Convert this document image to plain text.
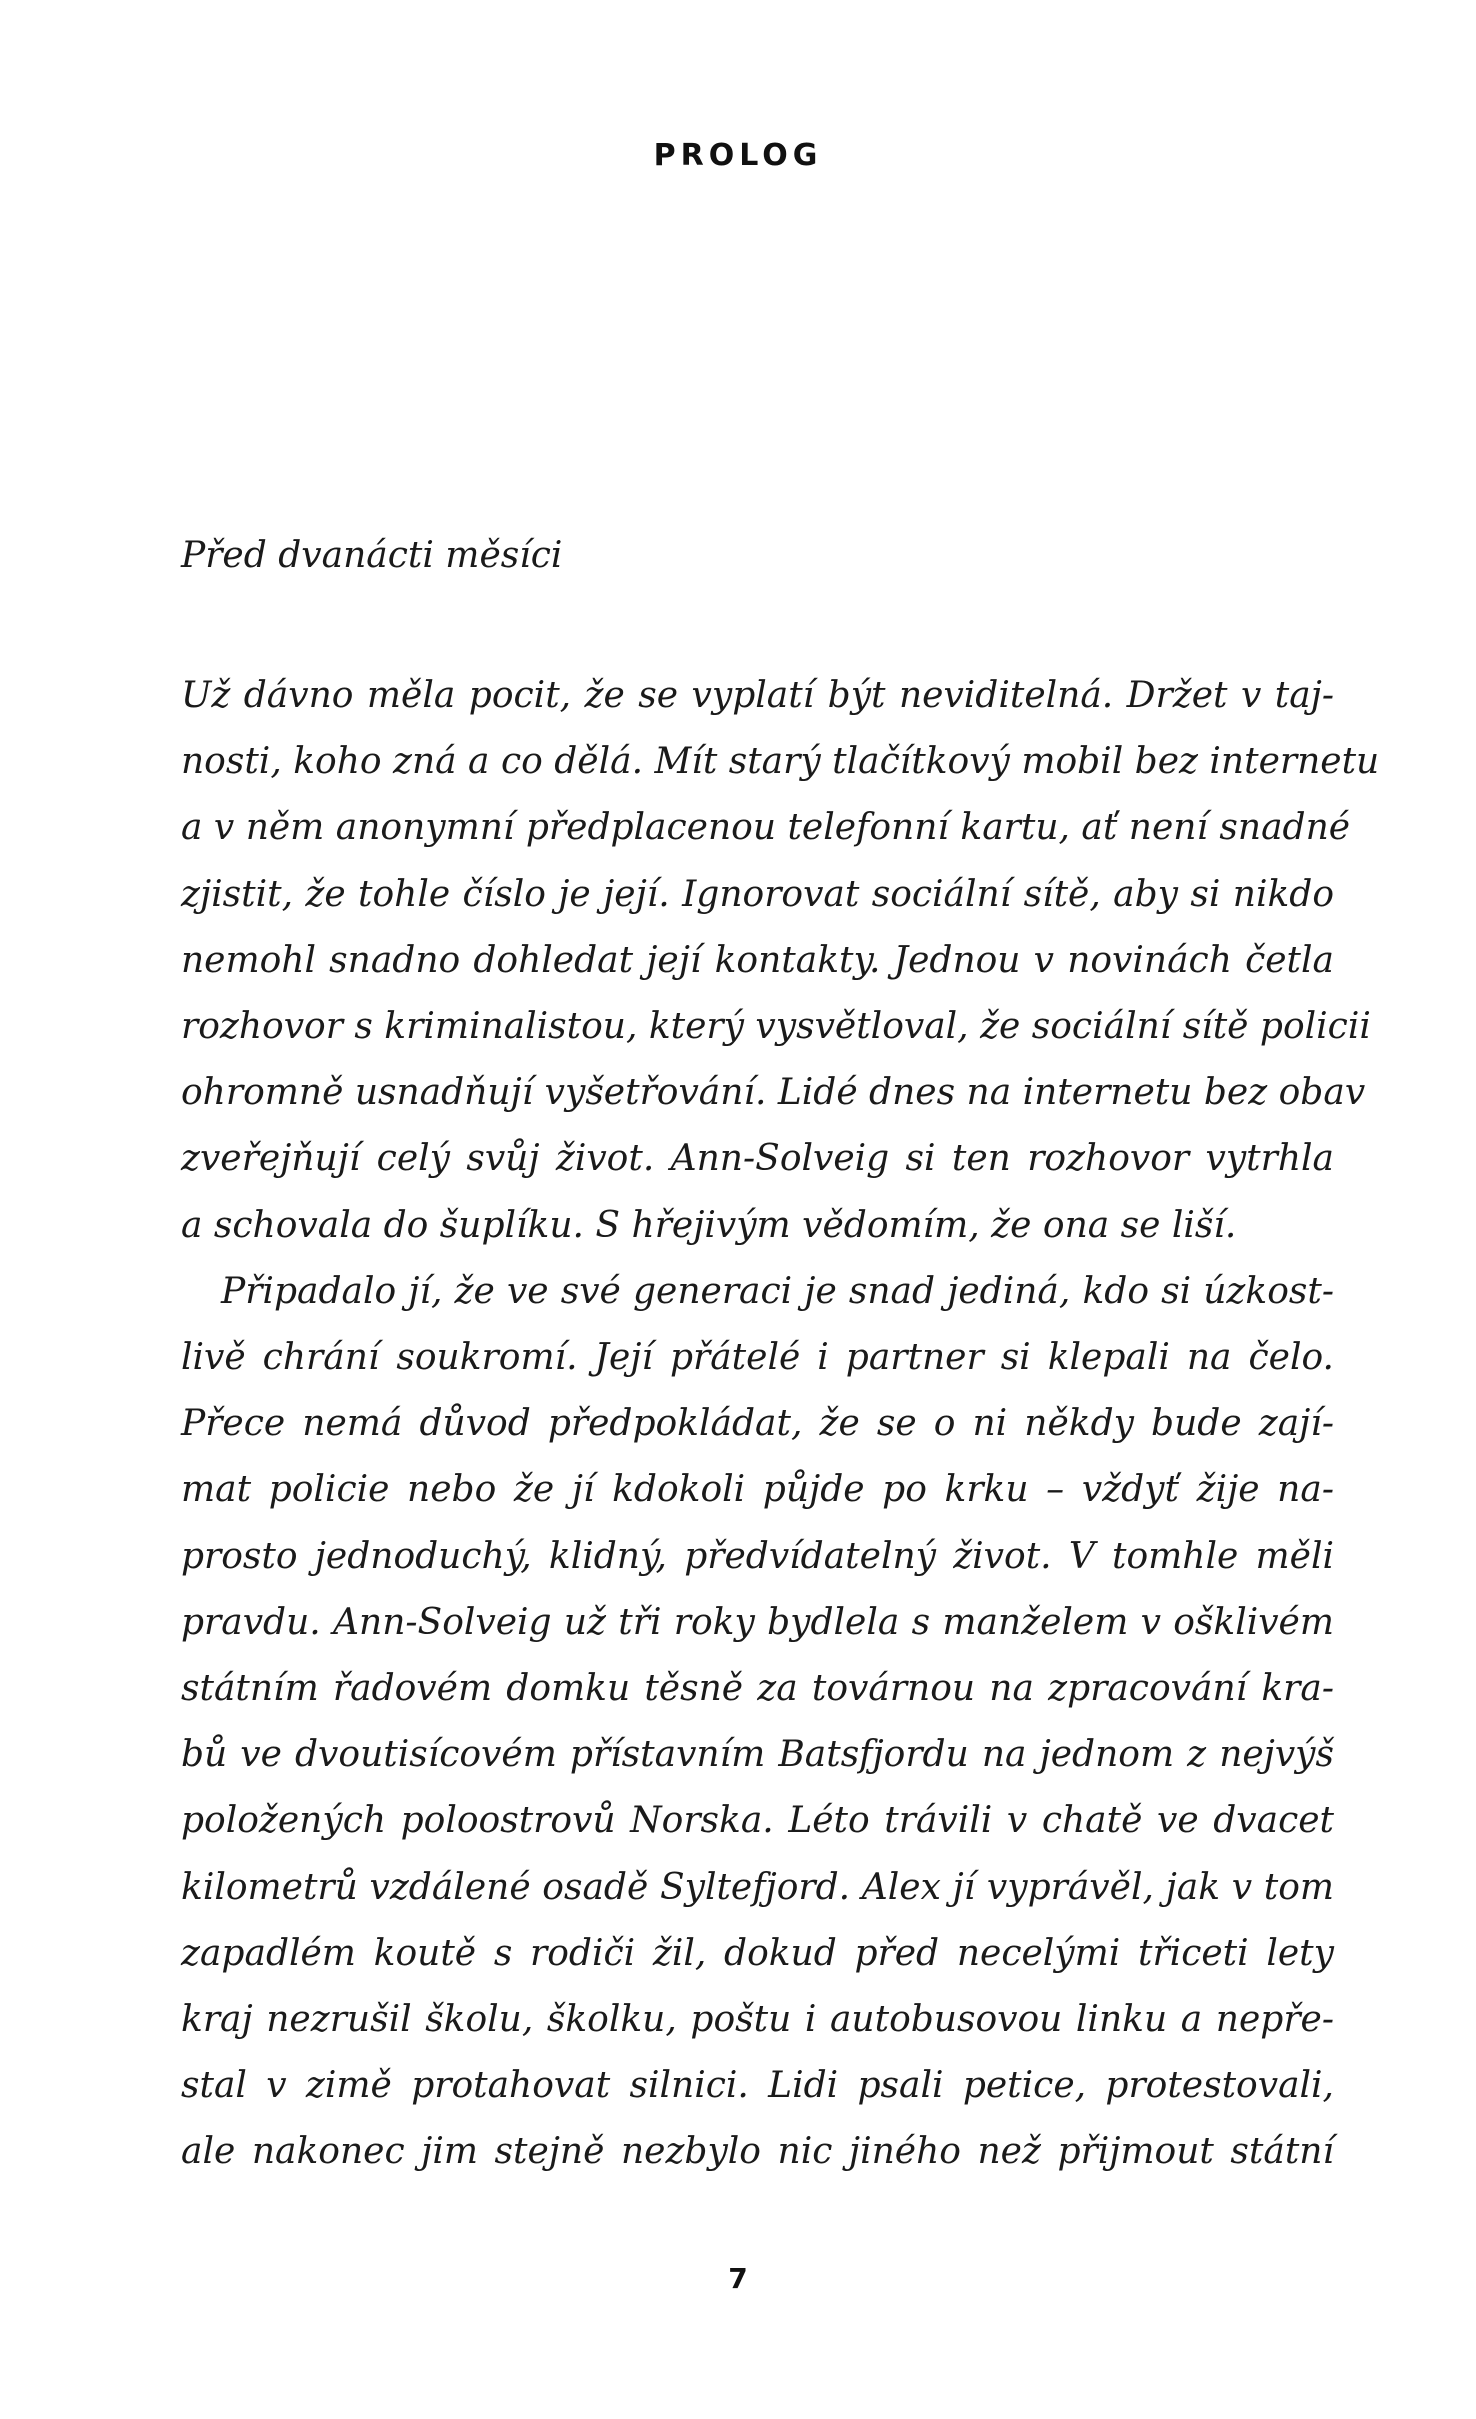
PROLOG
Před dvanácti měsíci
Už dávno měla pocit, že se vyplatí být neviditelná. Držet v taj-
nosti, koho zná a co dělá. Mít starý tlačítkový mobil bez internetu
a v něm anonymní předplacenou telefonní kartu, ať není snadné
zjistit, že tohle číslo je její. Ignorovat sociální sítě, aby si nikdo
nemohl snadno dohledat její kontakty. Jednou v novinách četla
rozhovor s kriminalistou, který vysvětloval, že sociální sítě policii
ohromně usnadňují vyšetřování. Lidé dnes na internetu bez obav
zveřejňují celý svůj život. Ann-Solveig si ten rozhovor vytrhla
a schovala do šuplíku. S hřejivým vědomím, že ona se liší.
Připadalo jí, že ve své generaci je snad jediná, kdo si úzkost-
livě chrání soukromí. Její přátelé i partner si klepali na čelo.
Přece nemá důvod předpokládat, že se o ni někdy bude zají-
mat policie nebo že jí kdokoli půjde po krku – vždyť žije na-
prosto jednoduchý, klidný, předvídatelný život. V tomhle měli
pravdu. Ann-Solveig už tři roky bydlela s manželem v ošklivém
státním řadovém domku těsně za továrnou na zpracování kra-
bů ve dvoutisícovém přístavním Batsfjordu na jednom z nejvýš
položených poloostrovů Norska. Léto trávili v chatě ve dvacet
kilometrů vzdálené osadě Syltefjord. Alex jí vyprávěl, jak v tom
zapadlém koutě s rodiči žil, dokud před necelými třiceti lety
kraj nezrušil školu, školku, poštu i autobusovou linku a nepře-
stal v zimě protahovat silnici. Lidi psali petice, protestovali,
ale nakonec jim stejně nezbylo nic jiného než přijmout státní
7
